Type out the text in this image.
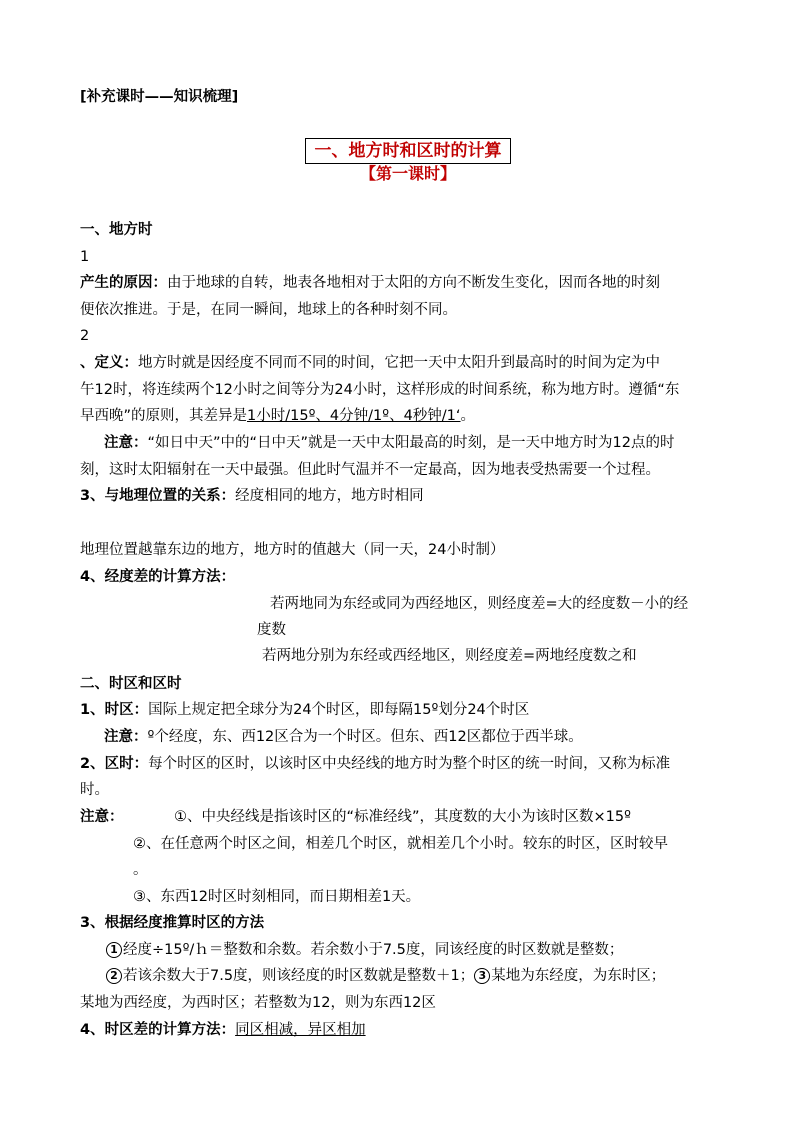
[补充课时——知识梳理]
一、地方时和区时的计算
【第一课时】
一、地方时
1
产生的原因：由于地球的自转，地表各地相对于太阳的方向不断发生变化，因而各地的时刻
便依次推进。于是，在同一瞬间，地球上的各种时刻不同。
2
、定义：地方时就是因经度不同而不同的时间，它把一天中太阳升到最高时的时间为定为中
午12时，将连续两个12小时之间等分为24小时，这样形成的时间系统，称为地方时。遵循“东
早西晚”的原则，其差异是1小时/15º、4分钟/1º、4秒钟/1‘。
注意：“如日中天”中的“日中天”就是一天中太阳最高的时刻，是一天中地方时为12点的时
刻，这时太阳辐射在一天中最强。但此时气温并不一定最高，因为地表受热需要一个过程。
3、与地理位置的关系：经度相同的地方，地方时相同
地理位置越靠东边的地方，地方时的值越大（同一天，24小时制）
4、经度差的计算方法：
若两地同为东经或同为西经地区，则经度差=大的经度数－小的经
度数
若两地分别为东经或西经地区，则经度差=两地经度数之和
二、时区和区时
1、时区：国际上规定把全球分为24个时区，即每隔15º划分24个时区
注意：º个经度，东、西12区合为一个时区。但东、西12区都位于西半球。
2、区时：每个时区的区时，以该时区中央经线的地方时为整个时区的统一时间，又称为标准
时。
注意：	①、中央经线是指该时区的“标准经线”，其度数的大小为该时区数×15º
②、在任意两个时区之间，相差几个时区，就相差几个小时。较东的时区，区时较早
。
③、东西12时区时刻相同，而日期相差1天。
3、根据经度推算时区的方法
1 经度÷15º/ｈ＝整数和余数。若余数小于7.5度，同该经度的时区数就是整数；
2 若该余数大于7.5度，则该经度的时区数就是整数＋1； 3 某地为东经度，为东时区；
某地为西经度，为西时区；若整数为12，则为东西12区
4、时区差的计算方法：同区相减，异区相加
